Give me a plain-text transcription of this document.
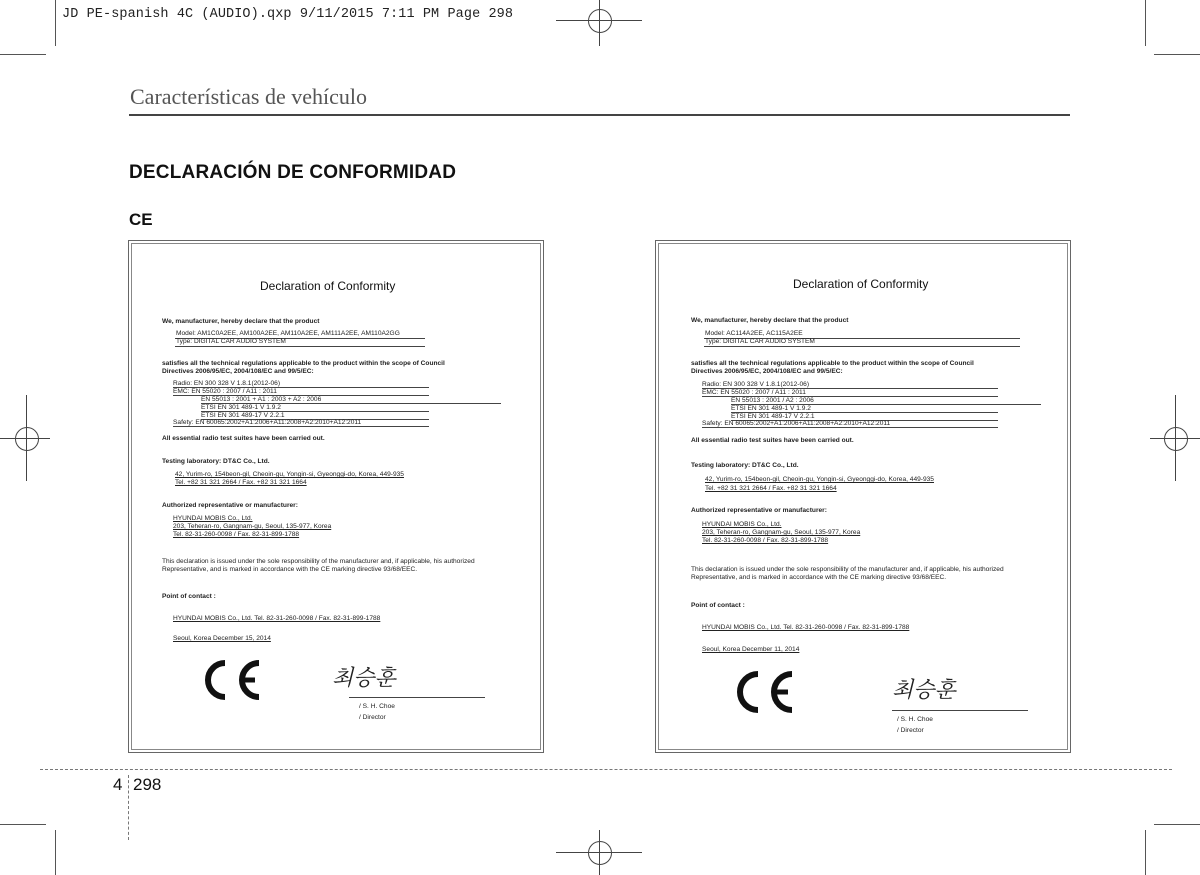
JD PE-spanish 4C (AUDIO).qxp 9/11/2015 7:11 PM Page 298
Características de vehículo
DECLARACIÓN DE CONFORMIDAD
CE
Declaration of Conformity
We, manufacturer, hereby declare that the product
Model: AM1C0A2EE, AM100A2EE, AM110A2EE, AM111A2EE, AM110A2GG
Type: DIGITAL CAR AUDIO SYSTEM
satisfies all the technical regulations applicable to the product within the scope of Council
Directives 2006/95/EC, 2004/108/EC and 99/5/EC:
Radio: EN 300 328 V 1.8.1(2012-06)
EMC: EN 55020 : 2007 / A11 : 2011
EN 55013 : 2001 + A1 : 2003 + A2 : 2006
ETSI EN 301 489-1 V 1.9.2
ETSI EN 301 489-17 V 2.2.1
Safety: EN 60065:2002+A1:2006+A11:2008+A2:2010+A12:2011
All essential radio test suites have been carried out.
Testing laboratory: DT&C Co., Ltd.
42, Yurim-ro, 154beon-gil, Cheoin-gu, Yongin-si, Gyeonggi-do, Korea, 449-935
Tel. +82 31 321 2664 / Fax. +82 31 321 1664
Authorized representative or manufacturer:
HYUNDAI MOBIS Co., Ltd.
203, Teheran-ro, Gangnam-gu, Seoul, 135-977, Korea
Tel. 82-31-260-0098 / Fax. 82-31-899-1788
This declaration is issued under the sole responsibility of the manufacturer and, if applicable, his authorized
Representative, and is marked in accordance with the CE marking directive 93/68/EEC.
Point of contact :
HYUNDAI MOBIS Co., Ltd. Tel. 82-31-260-0098 / Fax. 82-31-899-1788
Seoul, Korea December 15, 2014
최승훈
/ S. H. Choe
/ Director
Declaration of Conformity
We, manufacturer, hereby declare that the product
Model: AC114A2EE, AC115A2EE
Type: DIGITAL CAR AUDIO SYSTEM
satisfies all the technical regulations applicable to the product within the scope of Council
Directives 2006/95/EC, 2004/108/EC and 99/5/EC:
Radio: EN 300 328 V 1.8.1(2012-06)
EMC: EN 55020 : 2007 / A11 : 2011
EN 55013 : 2001 / A2 : 2006
ETSI EN 301 489-1 V 1.9.2
ETSI EN 301 489-17 V 2.2.1
Safety: EN 60065:2002+A1:2006+A11:2008+A2:2010+A12:2011
All essential radio test suites have been carried out.
Testing laboratory: DT&C Co., Ltd.
42, Yurim-ro, 154beon-gil, Cheoin-gu, Yongin-si, Gyeonggi-do, Korea, 449-935
Tel. +82 31 321 2664 / Fax. +82 31 321 1664
Authorized representative or manufacturer:
HYUNDAI MOBIS Co., Ltd.
203, Teheran-ro, Gangnam-gu, Seoul, 135-977, Korea
Tel. 82-31-260-0098 / Fax. 82-31-899-1788
This declaration is issued under the sole responsibility of the manufacturer and, if applicable, his authorized
Representative, and is marked in accordance with the CE marking directive 93/68/EEC.
Point of contact :
HYUNDAI MOBIS Co., Ltd. Tel. 82-31-260-0098 / Fax. 82-31-899-1788
Seoul, Korea December 11, 2014
최승훈
/ S. H. Choe
/ Director
4 298
